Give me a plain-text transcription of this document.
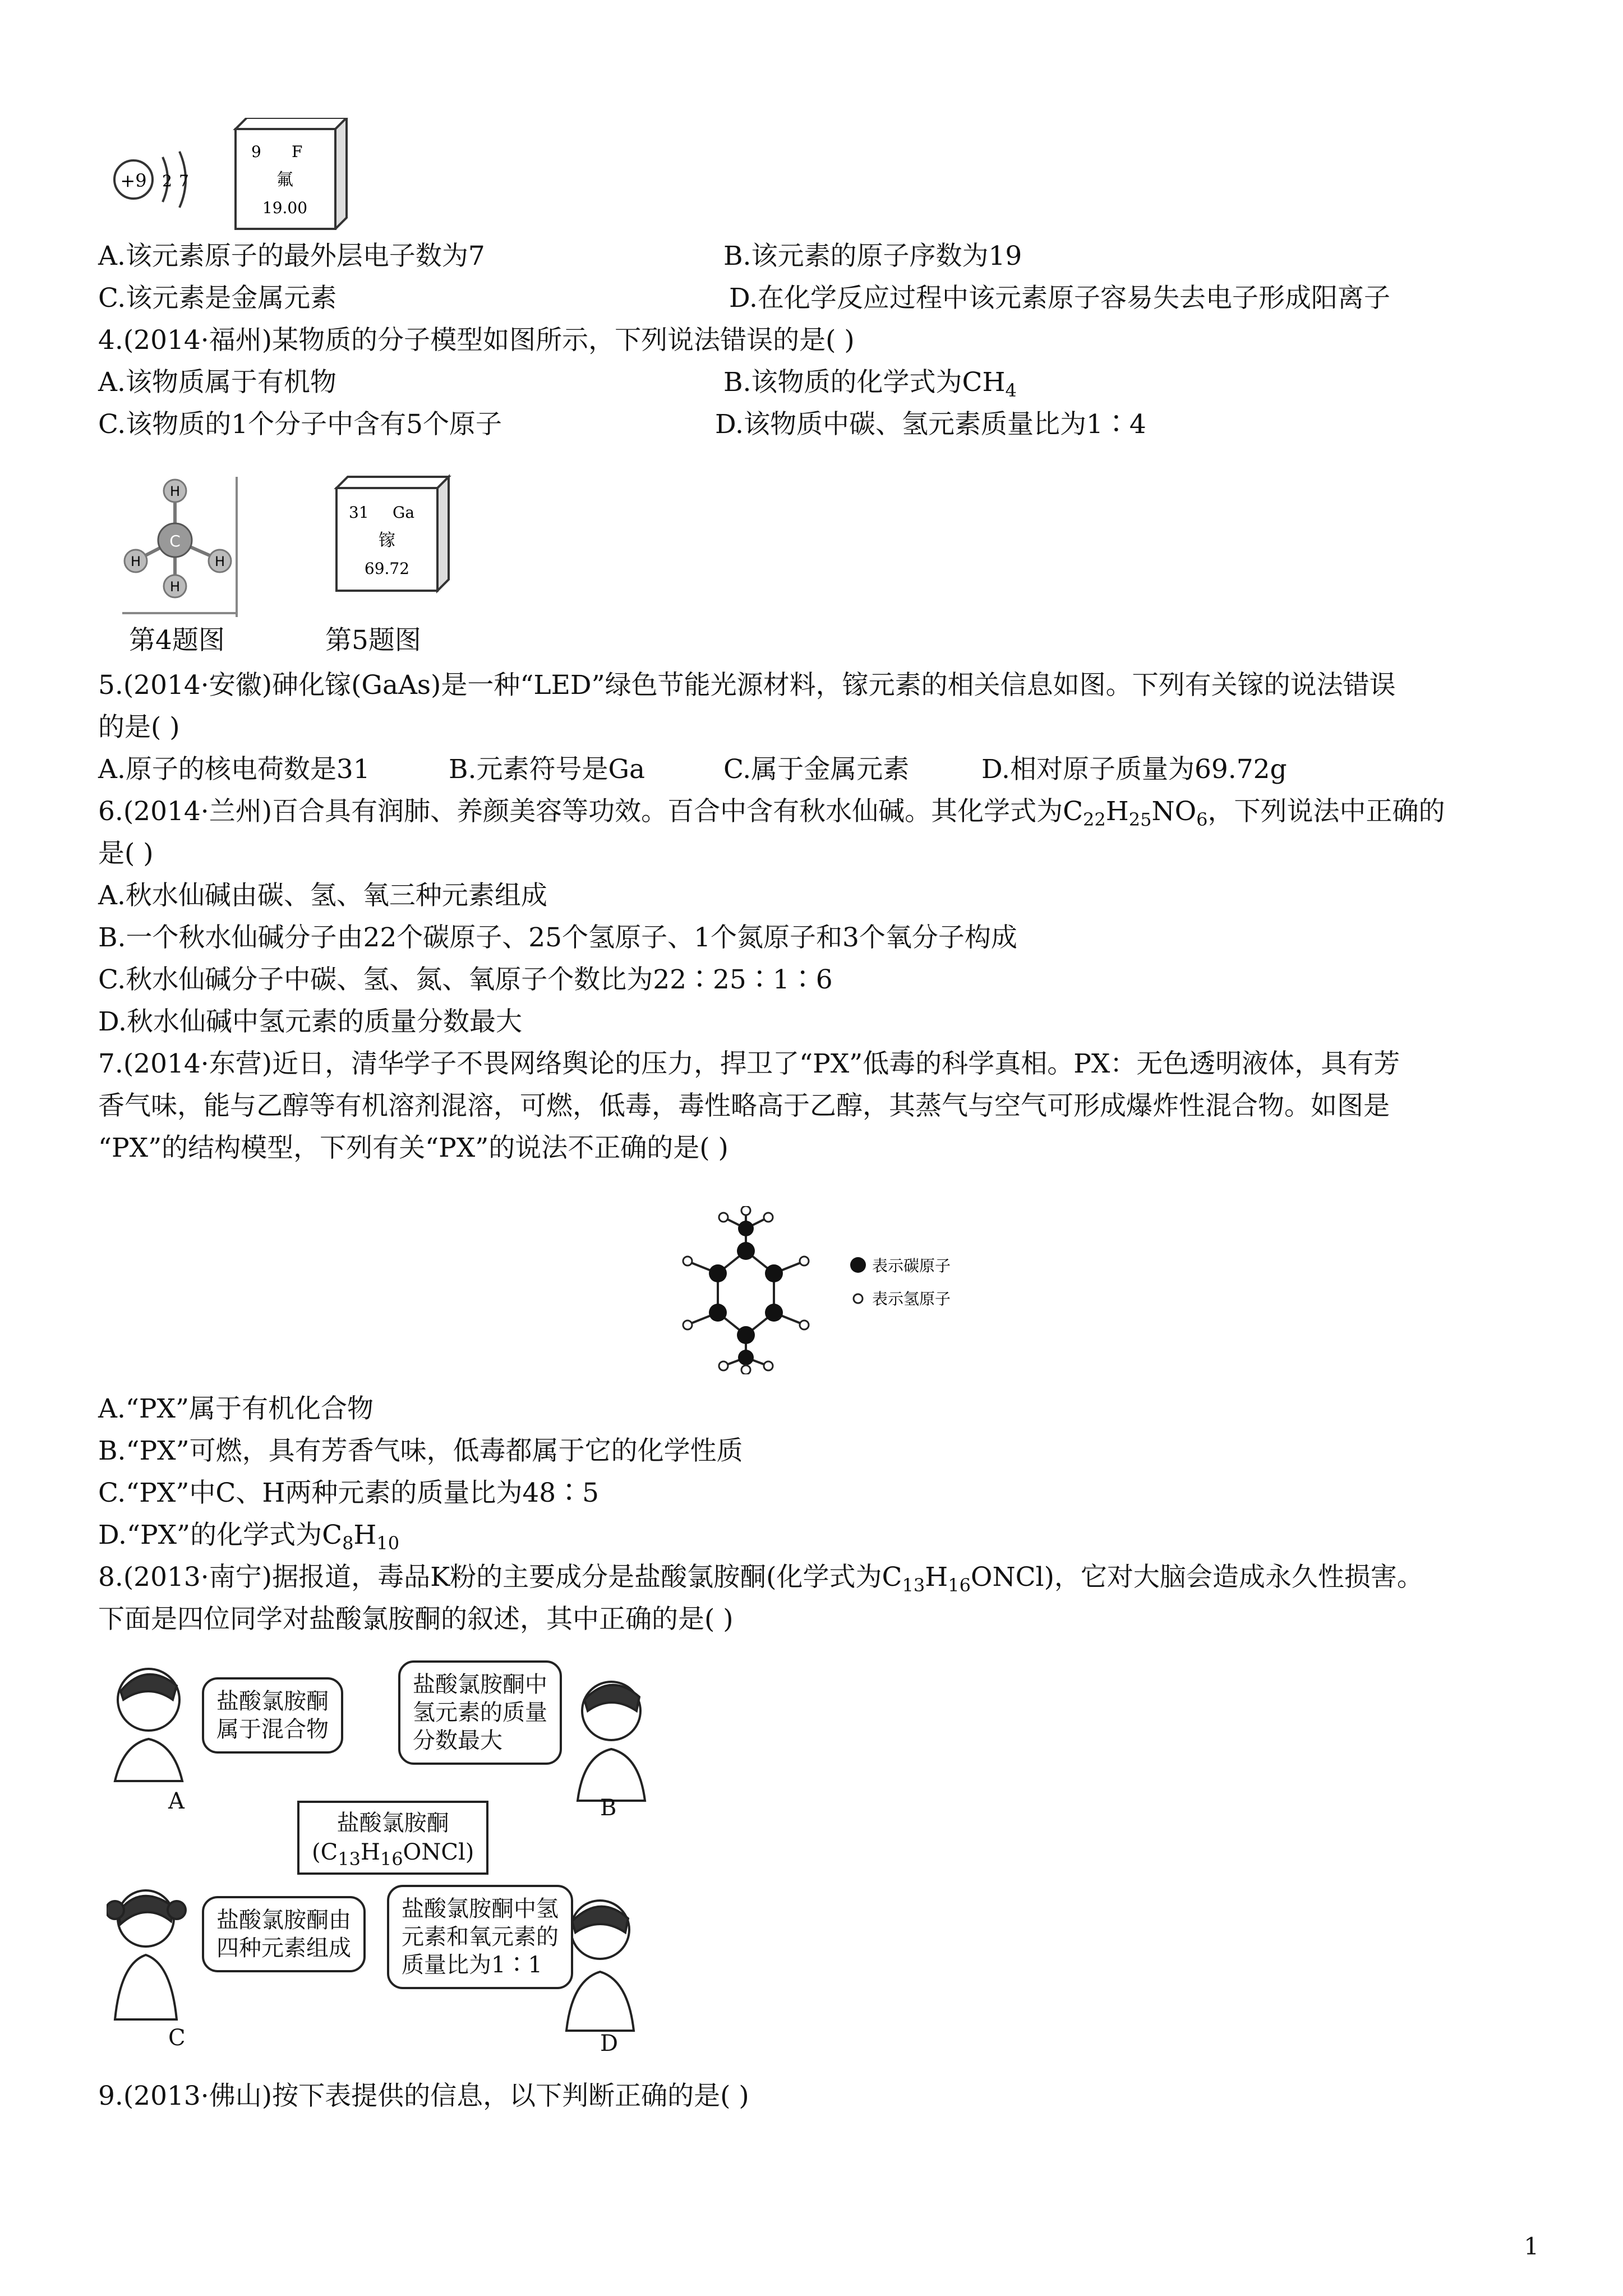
+9 2 7
9 F
氟
19.00
A.该元素原子的最外层电子数为7	B.该元素的原子序数为19
C.该元素是金属元素	D.在化学反应过程中该元素原子容易失去电子形成阳离子
4.(2014·福州)某物质的分子模型如图所示，下列说法错误的是( )
A.该物质属于有机物	B.该物质的化学式为$CH_4$
C.该物质的1个分子中含有5个原子	D.该物质中碳、氢元素质量比为1∶4
C
H
H	H
H
31 Ga
镓
69.72
第4题图	第5题图
5.(2014·安徽)砷化镓(GaAs)是一种“LED”绿色节能光源材料，镓元素的相关信息如图。下列有关镓的说法错误
的是( )
A.原子的核电荷数是31	B.元素符号是Ga	C.属于金属元素	D.相对原子质量为69.72g
6.(2014·兰州)百合具有润肺、养颜美容等功效。百合中含有秋水仙碱。其化学式为$C_{22}H_{25}NO_6$，下列说法中正确的
是( )
A.秋水仙碱由碳、氢、氧三种元素组成
B.一个秋水仙碱分子由22个碳原子、25个氢原子、1个氮原子和3个氧分子构成
C.秋水仙碱分子中碳、氢、氮、氧原子个数比为22∶25∶1∶6
D.秋水仙碱中氢元素的质量分数最大
7.(2014·东营)近日，清华学子不畏网络舆论的压力，捍卫了“PX”低毒的科学真相。PX：无色透明液体，具有芳
香气味，能与乙醇等有机溶剂混溶，可燃，低毒，毒性略高于乙醇，其蒸气与空气可形成爆炸性混合物。如图是
“PX”的结构模型，下列有关“PX”的说法不正确的是( )
表示碳原子
表示氢原子
A.“PX”属于有机化合物
B.“PX”可燃，具有芳香气味，低毒都属于它的化学性质
C.“PX”中C、H两种元素的质量比为48∶5
D.“PX”的化学式为$C_8H_{10}$
8.(2013·南宁)据报道，毒品K粉的主要成分是盐酸氯胺酮(化学式为$C_{13}H_{16}ONCl$)，它对大脑会造成永久性损害。
下面是四位同学对盐酸氯胺酮的叙述，其中正确的是( )
盐酸氯胺酮
属于混合物
盐酸氯胺酮中
氢元素的质量
分数最大
盐酸氯胺酮
$(C_{13}H_{16}ONCl)$
盐酸氯胺酮由
四种元素组成
盐酸氯胺酮中氢
元素和氧元素的
质量比为1∶1
A	B
C	D
9.(2013·佛山)按下表提供的信息，以下判断正确的是( )
1
